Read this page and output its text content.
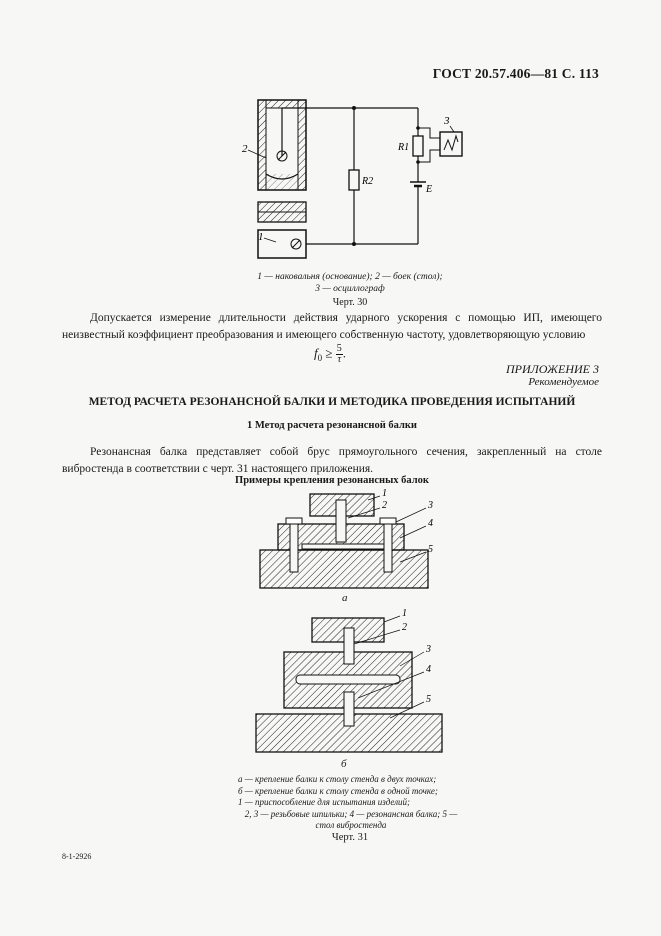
ГОСТ 20.57.406—81 С. 113
2
1
R2
R1
E
3
1 — наковальня (основание); 2 — боек (стол);
3 — осциллограф
Черт. 30
Допускается измерение длительности действия ударного ускорения с помощью ИП, имеющего неизвестный коэффициент преобразования и имеющего собственную частоту, удовлетворяющую условию
$f_0 \ge \frac{5}{\tau}$ .
ПРИЛОЖЕНИЕ 3
Рекомендуемое
МЕТОД РАСЧЕТА РЕЗОНАНСНОЙ БАЛКИ И МЕТОДИКА ПРОВЕДЕНИЯ ИСПЫТАНИЙ
1 Метод расчета резонансной балки
Резонансная балка представляет собой брус прямоугольного сечения, закрепленный на столе вибростенда в соответствии с черт. 31 настоящего приложения.
Примеры крепления резонансных балок
1
2	3
4
5
а
1
2
3
4
5
б
а — крепление балки к столу стенда в двух точках;
б — крепление балки к столу стенда в одной точке;
1 — приспособление для испытания изделий;
2, 3 — резьбовые шпильки; 4 — резонансная балка; 5 — стол вибростенда
Черт. 31
8-1-2926
